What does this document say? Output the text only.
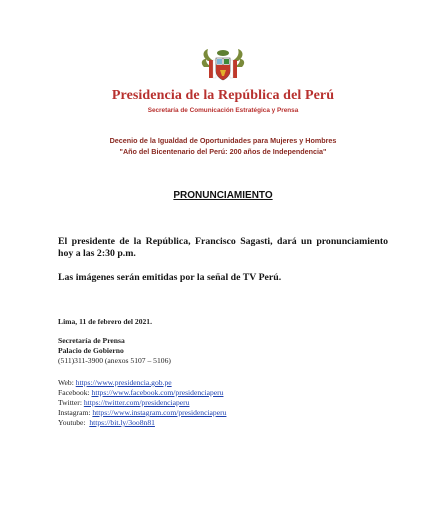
Presidencia de la República del Perú
Secretaría de Comunicación Estratégica y Prensa
Decenio de la Igualdad de Oportunidades para Mujeres y Hombres
"Año del Bicentenario del Perú: 200 años de Independencia"
PRONUNCIAMIENTO
El presidente de la República, Francisco Sagasti, dará un pronunciamiento hoy a las 2:30 p.m.
Las imágenes serán emitidas por la señal de TV Perú.
Lima, 11 de febrero del 2021.
Secretaría de Prensa
Palacio de Gobierno
(511)311-3900 (anexos 5107 – 5106)
Web: https://www.presidencia.gob.pe
Facebook: https://www.facebook.com/presidenciaperu
Twitter: https://twitter.com/presidenciaperu
Instagram: https://www.instagram.com/presidenciaperu
Youtube:  https://bit.ly/3oo8n81
